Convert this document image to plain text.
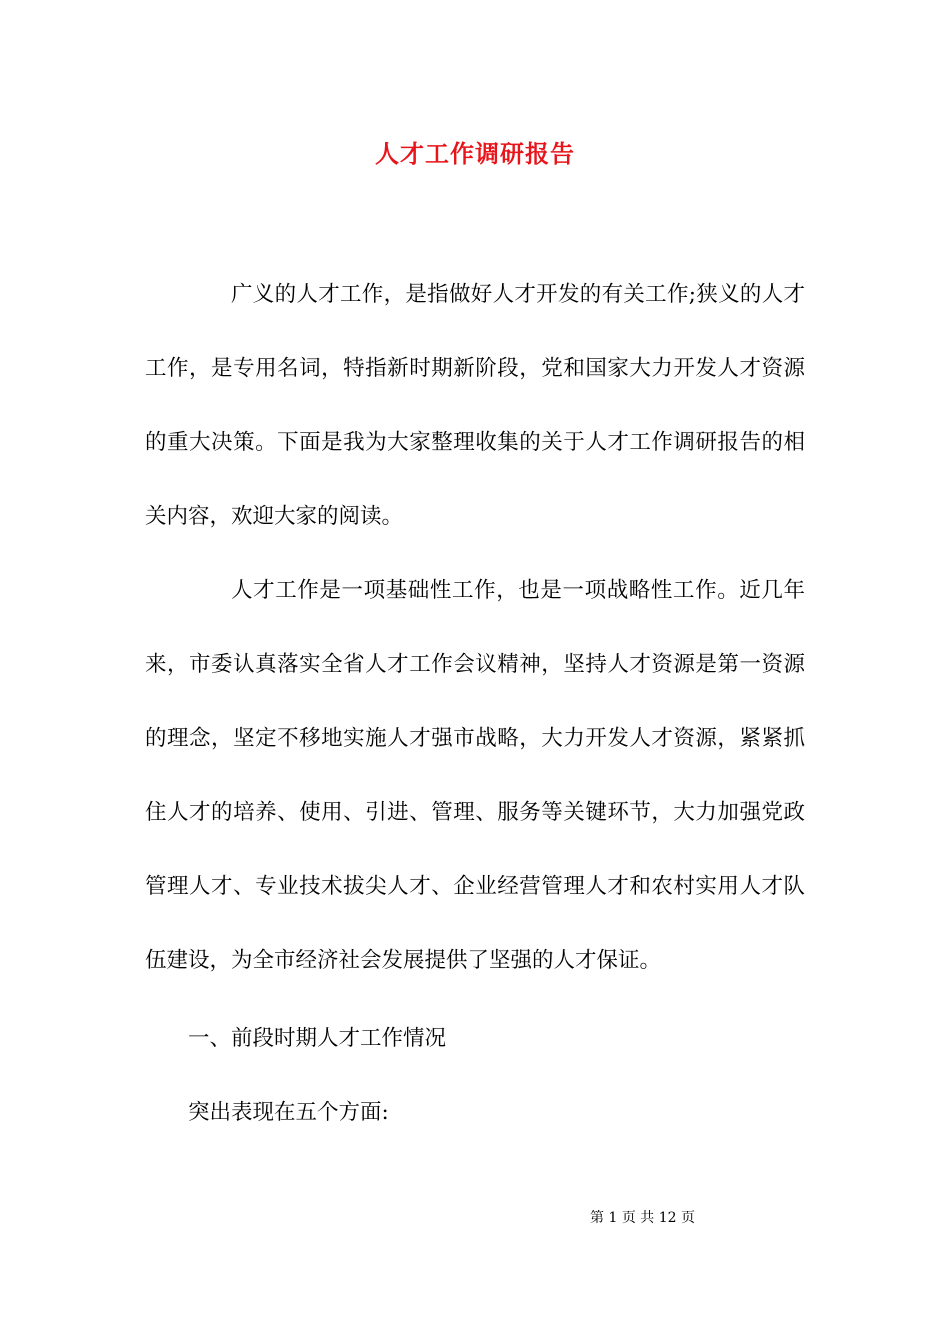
人才工作调研报告

广义的人才工作，是指做好人才开发的有关工作;狭义的人才工作，是专用名词，特指新时期新阶段，党和国家大力开发人才资源的重大决策。下面是我为大家整理收集的关于人才工作调研报告的相关内容，欢迎大家的阅读。

人才工作是一项基础性工作，也是一项战略性工作。近几年来，市委认真落实全省人才工作会议精神，坚持人才资源是第一资源的理念，坚定不移地实施人才强市战略，大力开发人才资源，紧紧抓住人才的培养、使用、引进、管理、服务等关键环节，大力加强党政管理人才、专业技术拔尖人才、企业经营管理人才和农村实用人才队伍建设，为全市经济社会发展提供了坚强的人才保证。

一、前段时期人才工作情况

突出表现在五个方面:

第 1 页 共 12 页
